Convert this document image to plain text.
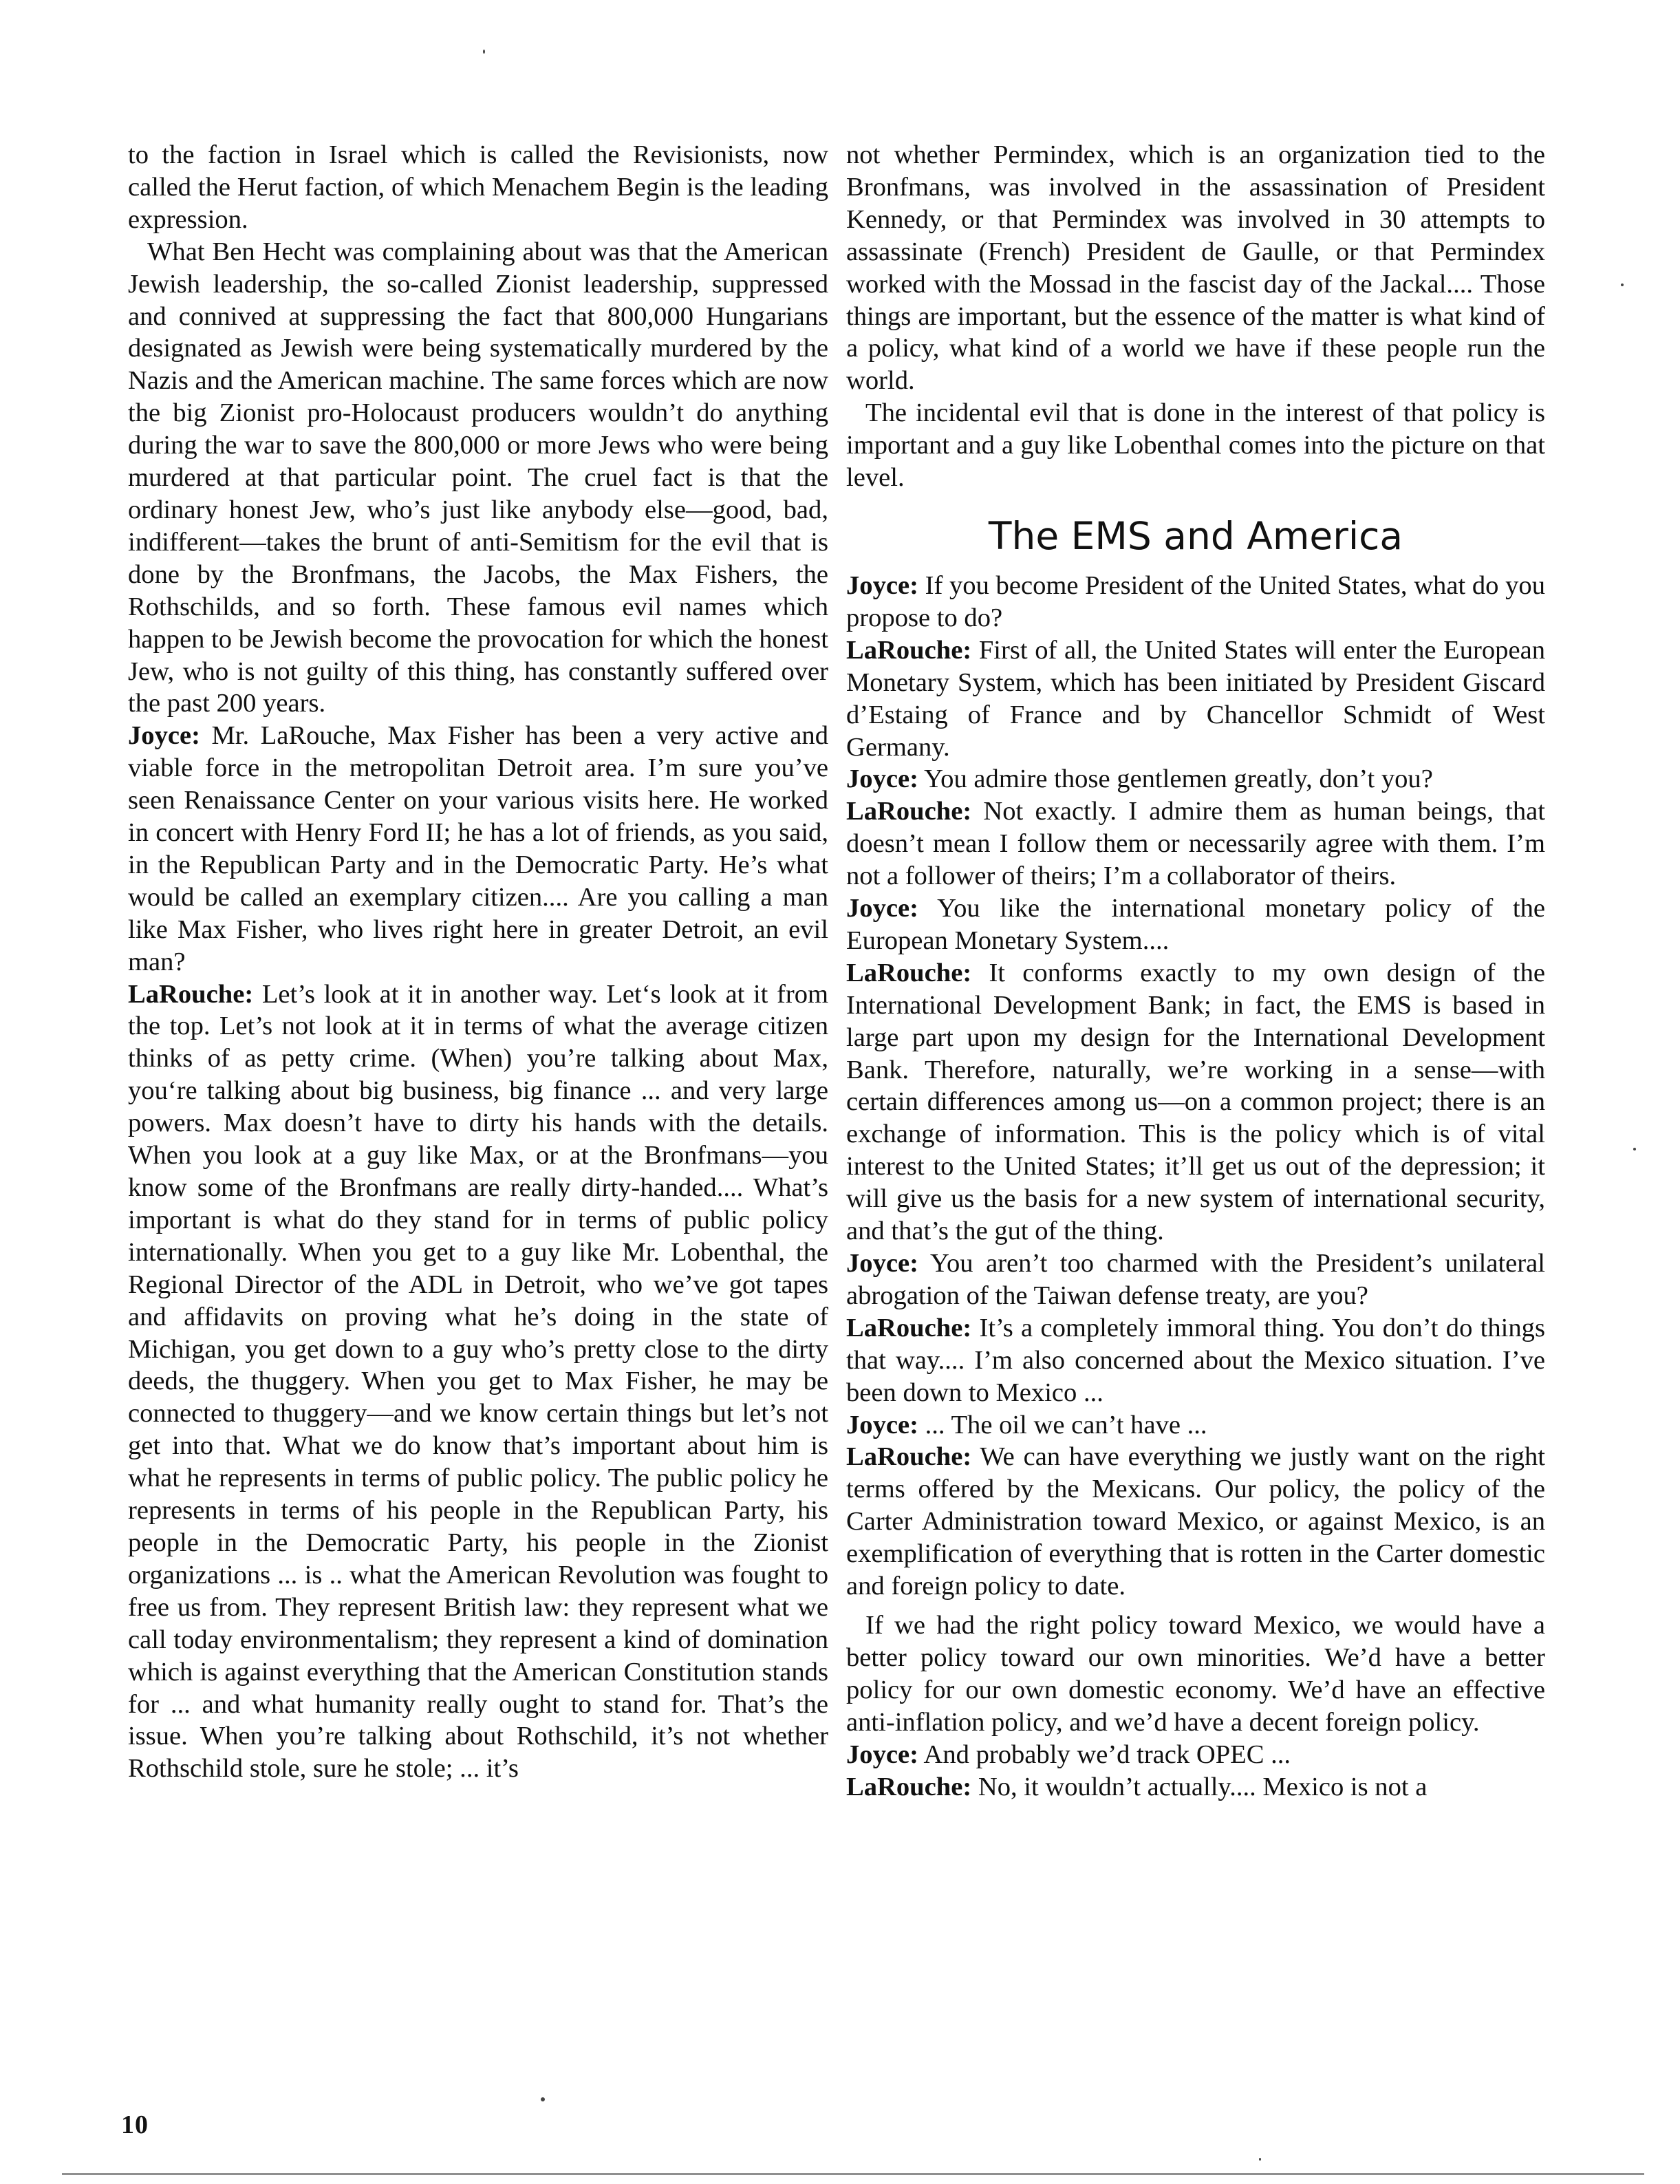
to the faction in Israel which is called the Revisionists, now called the Herut faction, of which Menachem Begin is the leading expression.

What Ben Hecht was complaining about was that the American Jewish leadership, the so-called Zionist leadership, suppressed and connived at suppressing the fact that 800,000 Hungarians designated as Jewish were being systematically murdered by the Nazis and the American machine. The same forces which are now the big Zionist pro-Holocaust producers wouldn’t do anything during the war to save the 800,000 or more Jews who were being murdered at that particular point. The cruel fact is that the ordinary honest Jew, who’s just like anybody else—good, bad, indifferent—takes the brunt of anti-Semitism for the evil that is done by the Bronfmans, the Jacobs, the Max Fishers, the Rothschilds, and so forth. These famous evil names which happen to be Jewish become the provocation for which the honest Jew, who is not guilty of this thing, has constantly suffered over the past 200 years.

Joyce: Mr. LaRouche, Max Fisher has been a very active and viable force in the metropolitan Detroit area. I’m sure you’ve seen Renaissance Center on your various visits here. He worked in concert with Henry Ford II; he has a lot of friends, as you said, in the Republican Party and in the Democratic Party. He’s what would be called an exemplary citizen.... Are you calling a man like Max Fisher, who lives right here in greater Detroit, an evil man?

LaRouche: Let’s look at it in another way. Let‘s look at it from the top. Let’s not look at it in terms of what the average citizen thinks of as petty crime. (When) you’re talking about Max, you‘re talking about big business, big finance ... and very large powers. Max doesn’t have to dirty his hands with the details. When you look at a guy like Max, or at the Bronfmans—you know some of the Bronfmans are really dirty-handed.... What’s important is what do they stand for in terms of public policy internationally. When you get to a guy like Mr. Lobenthal, the Regional Director of the ADL in Detroit, who we’ve got tapes and affidavits on proving what he’s doing in the state of Michigan, you get down to a guy who’s pretty close to the dirty deeds, the thuggery. When you get to Max Fisher, he may be connected to thuggery—and we know certain things but let’s not get into that. What we do know that’s important about him is what he represents in terms of public policy. The public policy he represents in terms of his people in the Republican Party, his people in the Democratic Party, his people in the Zionist organizations ... is .. what the American Revolution was fought to free us from. They represent British law: they represent what we call today environmentalism; they represent a kind of domination which is against everything that the American Constitution stands for ... and what humanity really ought to stand for. That’s the issue. When you’re talking about Rothschild, it’s not whether Rothschild stole, sure he stole; ... it’s

not whether Permindex, which is an organization tied to the Bronfmans, was involved in the assassination of President Kennedy, or that Permindex was involved in 30 attempts to assassinate (French) President de Gaulle, or that Permindex worked with the Mossad in the fascist day of the Jackal.... Those things are important, but the essence of the matter is what kind of a policy, what kind of a world we have if these people run the world.

The incidental evil that is done in the interest of that policy is important and a guy like Lobenthal comes into the picture on that level.

The EMS and America

Joyce: If you become President of the United States, what do you propose to do?

LaRouche: First of all, the United States will enter the European Monetary System, which has been initiated by President Giscard d’Estaing of France and by Chancellor Schmidt of West Germany.

Joyce: You admire those gentlemen greatly, don’t you?

LaRouche: Not exactly. I admire them as human beings, that doesn’t mean I follow them or necessarily agree with them. I’m not a follower of theirs; I’m a collaborator of theirs.

Joyce: You like the international monetary policy of the European Monetary System....

LaRouche: It conforms exactly to my own design of the International Development Bank; in fact, the EMS is based in large part upon my design for the International Development Bank. Therefore, naturally, we’re working in a sense—with certain differences among us—on a common project; there is an exchange of information. This is the policy which is of vital interest to the United States; it’ll get us out of the depression; it will give us the basis for a new system of international security, and that’s the gut of the thing.

Joyce: You aren’t too charmed with the President’s unilateral abrogation of the Taiwan defense treaty, are you?

LaRouche: It’s a completely immoral thing. You don’t do things that way.... I’m also concerned about the Mexico situation. I’ve been down to Mexico ...

Joyce: ... The oil we can’t have ...

LaRouche: We can have everything we justly want on the right terms offered by the Mexicans. Our policy, the policy of the Carter Administration toward Mexico, or against Mexico, is an exemplification of everything that is rotten in the Carter domestic and foreign policy to date.

If we had the right policy toward Mexico, we would have a better policy toward our own minorities. We’d have a better policy for our own domestic economy. We’d have an effective anti-inflation policy, and we’d have a decent foreign policy.

Joyce: And probably we’d track OPEC ...

LaRouche: No, it wouldn’t actually.... Mexico is not a

10
